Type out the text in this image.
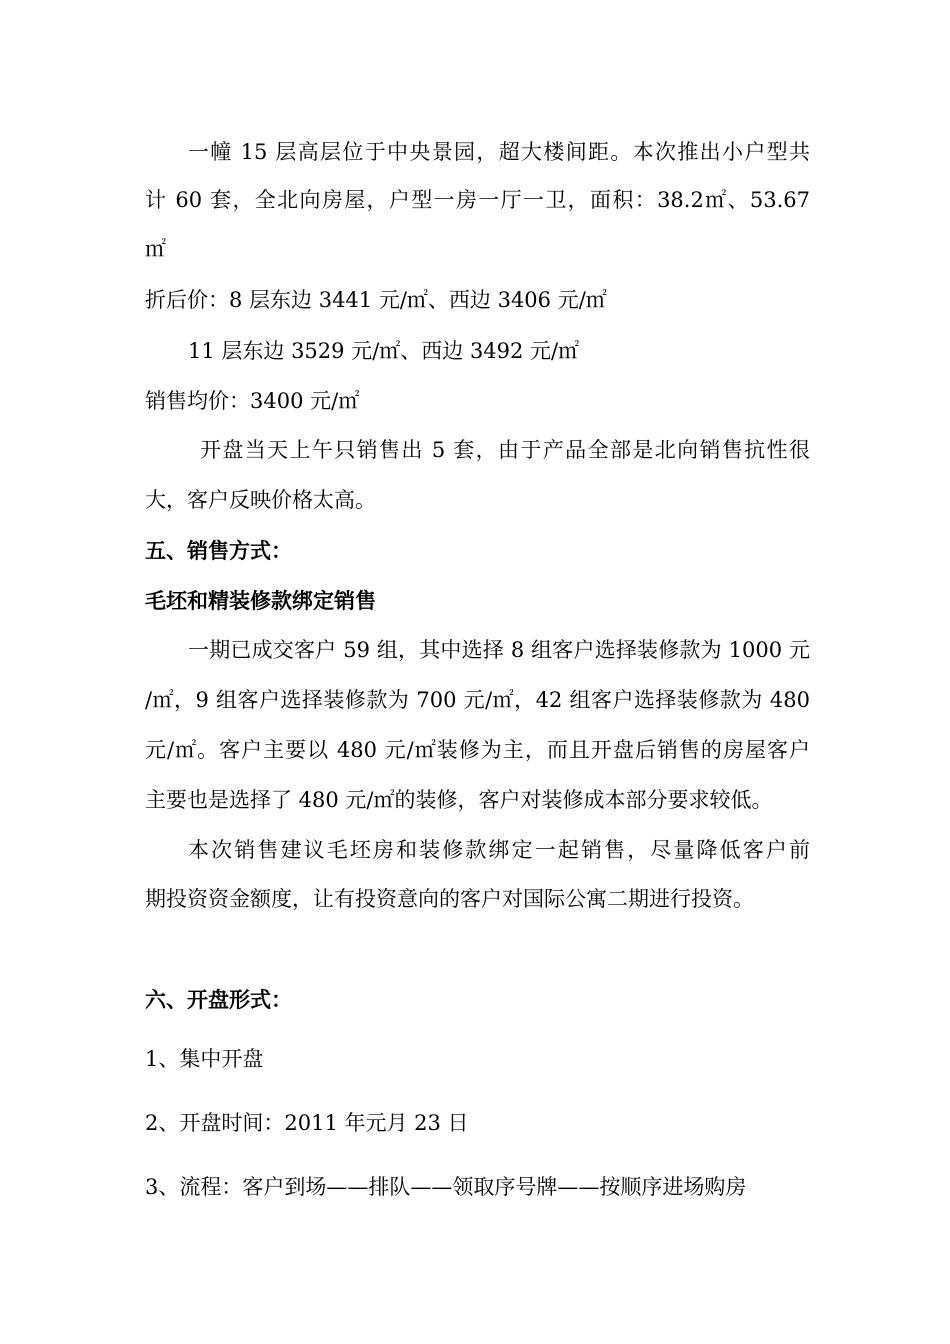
一幢 15 层高层位于中央景园，超大楼间距。本次推出小户型共
计 60 套，全北向房屋，户型一房一厅一卫，面积：38.2㎡、53.67
㎡
折后价：8 层东边 3441 元/㎡、西边 3406 元/㎡
11 层东边 3529 元/㎡、西边 3492 元/㎡
销售均价：3400 元/㎡
开盘当天上午只销售出 5 套，由于产品全部是北向销售抗性很
大，客户反映价格太高。
五、销售方式：
毛坯和精装修款绑定销售
一期已成交客户 59 组，其中选择 8 组客户选择装修款为 1000 元
/㎡，9 组客户选择装修款为 700 元/㎡，42 组客户选择装修款为 480
元/㎡。客户主要以 480 元/㎡装修为主，而且开盘后销售的房屋客户
主要也是选择了 480 元/㎡的装修，客户对装修成本部分要求较低。
本次销售建议毛坯房和装修款绑定一起销售，尽量降低客户前
期投资资金额度，让有投资意向的客户对国际公寓二期进行投资。
六、开盘形式：
1、集中开盘
2、开盘时间：2011 年元月 23 日
3、流程：客户到场——排队——领取序号牌——按顺序进场购房
